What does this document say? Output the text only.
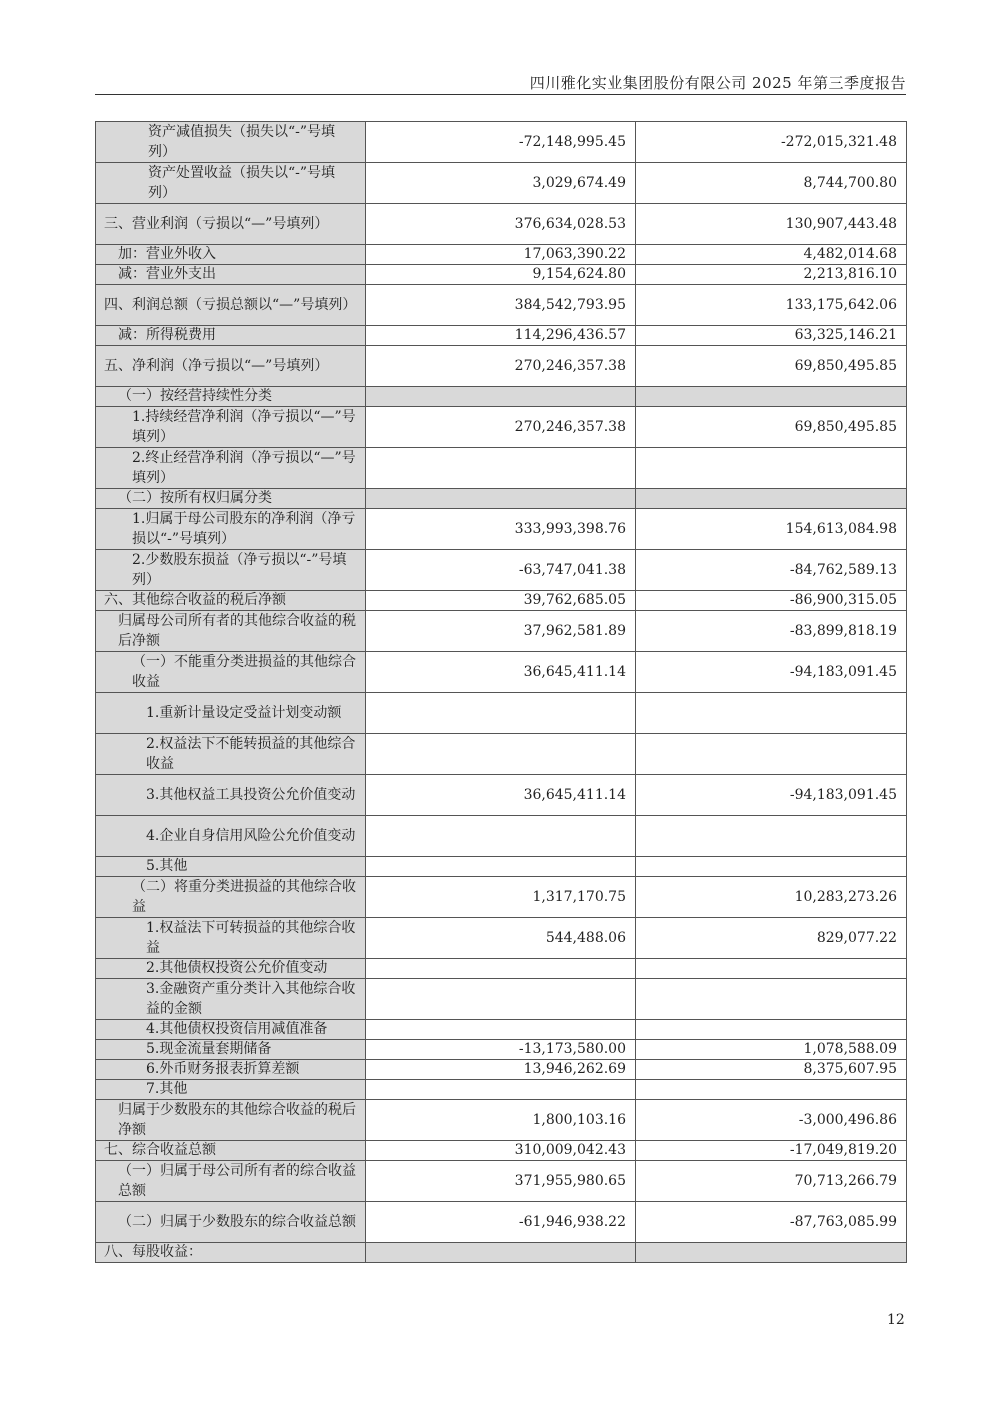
四川雅化实业集团股份有限公司 2025 年第三季度报告
资产减值损失（损失以“-”号填列）	-72,148,995.45	-272,015,321.48
资产处置收益（损失以“-”号填列）	3,029,674.49	8,744,700.80
三、营业利润（亏损以“—”号填列）	376,634,028.53	130,907,443.48
加：营业外收入	17,063,390.22	4,482,014.68
减：营业外支出	9,154,624.80	2,213,816.10
四、利润总额（亏损总额以“—”号填列）	384,542,793.95	133,175,642.06
减：所得税费用	114,296,436.57	63,325,146.21
五、净利润（净亏损以“—”号填列）	270,246,357.38	69,850,495.85
（一）按经营持续性分类		
1.持续经营净利润（净亏损以“—”号填列）	270,246,357.38	69,850,495.85
2.终止经营净利润（净亏损以“—”号填列）		
（二）按所有权归属分类		
1.归属于母公司股东的净利润（净亏损以“-”号填列）	333,993,398.76	154,613,084.98
2.少数股东损益（净亏损以“-”号填列）	-63,747,041.38	-84,762,589.13
六、其他综合收益的税后净额	39,762,685.05	-86,900,315.05
归属母公司所有者的其他综合收益的税后净额	37,962,581.89	-83,899,818.19
（一）不能重分类进损益的其他综合收益	36,645,411.14	-94,183,091.45
1.重新计量设定受益计划变动额		
2.权益法下不能转损益的其他综合收益		
3.其他权益工具投资公允价值变动	36,645,411.14	-94,183,091.45
4.企业自身信用风险公允价值变动		
5.其他		
（二）将重分类进损益的其他综合收益	1,317,170.75	10,283,273.26
1.权益法下可转损益的其他综合收益	544,488.06	829,077.22
2.其他债权投资公允价值变动		
3.金融资产重分类计入其他综合收益的金额		
4.其他债权投资信用减值准备		
5.现金流量套期储备	-13,173,580.00	1,078,588.09
6.外币财务报表折算差额	13,946,262.69	8,375,607.95
7.其他		
归属于少数股东的其他综合收益的税后净额	1,800,103.16	-3,000,496.86
七、综合收益总额	310,009,042.43	-17,049,819.20
（一）归属于母公司所有者的综合收益总额	371,955,980.65	70,713,266.79
（二）归属于少数股东的综合收益总额	-61,946,938.22	-87,763,085.99
八、每股收益：		
12
